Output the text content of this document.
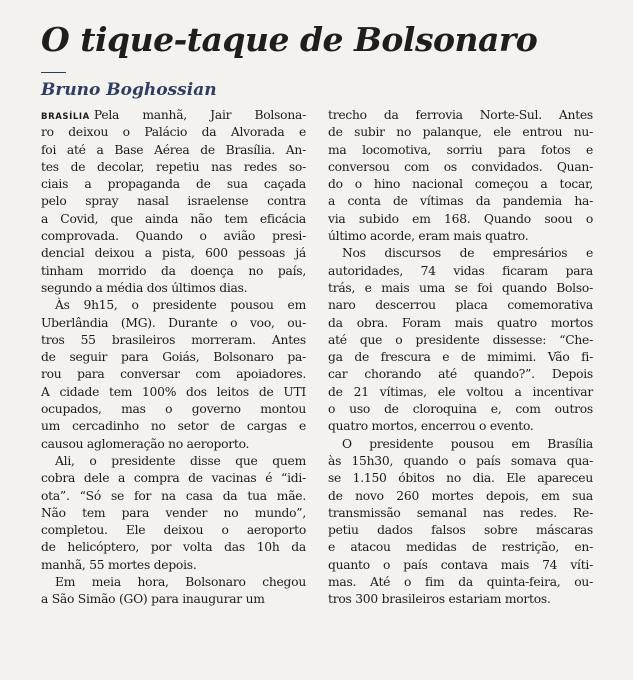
O tique-taque de Bolsonaro
Bruno Boghossian
BRASÍLIA Pela manhã, Jair Bolsona-
ro deixou o Palácio da Alvorada e
foi até a Base Aérea de Brasília. An-
tes de decolar, repetiu nas redes so-
ciais a propaganda de sua caçada
pelo spray nasal israelense contra
a Covid, que ainda não tem eficácia
comprovada. Quando o avião presi-
dencial deixou a pista, 600 pessoas já
tinham morrido da doença no país,
segundo a média dos últimos dias.
Às 9h15, o presidente pousou em
Uberlândia (MG). Durante o voo, ou-
tros 55 brasileiros morreram. Antes
de seguir para Goiás, Bolsonaro pa-
rou para conversar com apoiadores.
A cidade tem 100% dos leitos de UTI
ocupados, mas o governo montou
um cercadinho no setor de cargas e
causou aglomeração no aeroporto.
Ali, o presidente disse que quem
cobra dele a compra de vacinas é “idi-
ota”. “Só se for na casa da tua mãe.
Não tem para vender no mundo”,
completou. Ele deixou o aeroporto
de helicóptero, por volta das 10h da
manhã, 55 mortes depois.
Em meia hora, Bolsonaro chegou
a São Simão (GO) para inaugurar um
trecho da ferrovia Norte-Sul. Antes
de subir no palanque, ele entrou nu-
ma locomotiva, sorriu para fotos e
conversou com os convidados. Quan-
do o hino nacional começou a tocar,
a conta de vítimas da pandemia ha-
via subido em 168. Quando soou o
último acorde, eram mais quatro.
Nos discursos de empresários e
autoridades, 74 vidas ficaram para
trás, e mais uma se foi quando Bolso-
naro descerrou placa comemorativa
da obra. Foram mais quatro mortos
até que o presidente dissesse: “Che-
ga de frescura e de mimimi. Vão fi-
car chorando até quando?”. Depois
de 21 vítimas, ele voltou a incentivar
o uso de cloroquina e, com outros
quatro mortos, encerrou o evento.
O presidente pousou em Brasília
às 15h30, quando o país somava qua-
se 1.150 óbitos no dia. Ele apareceu
de novo 260 mortes depois, em sua
transmissão semanal nas redes. Re-
petiu dados falsos sobre máscaras
e atacou medidas de restrição, en-
quanto o país contava mais 74 víti-
mas. Até o fim da quinta-feira, ou-
tros 300 brasileiros estariam mortos.
